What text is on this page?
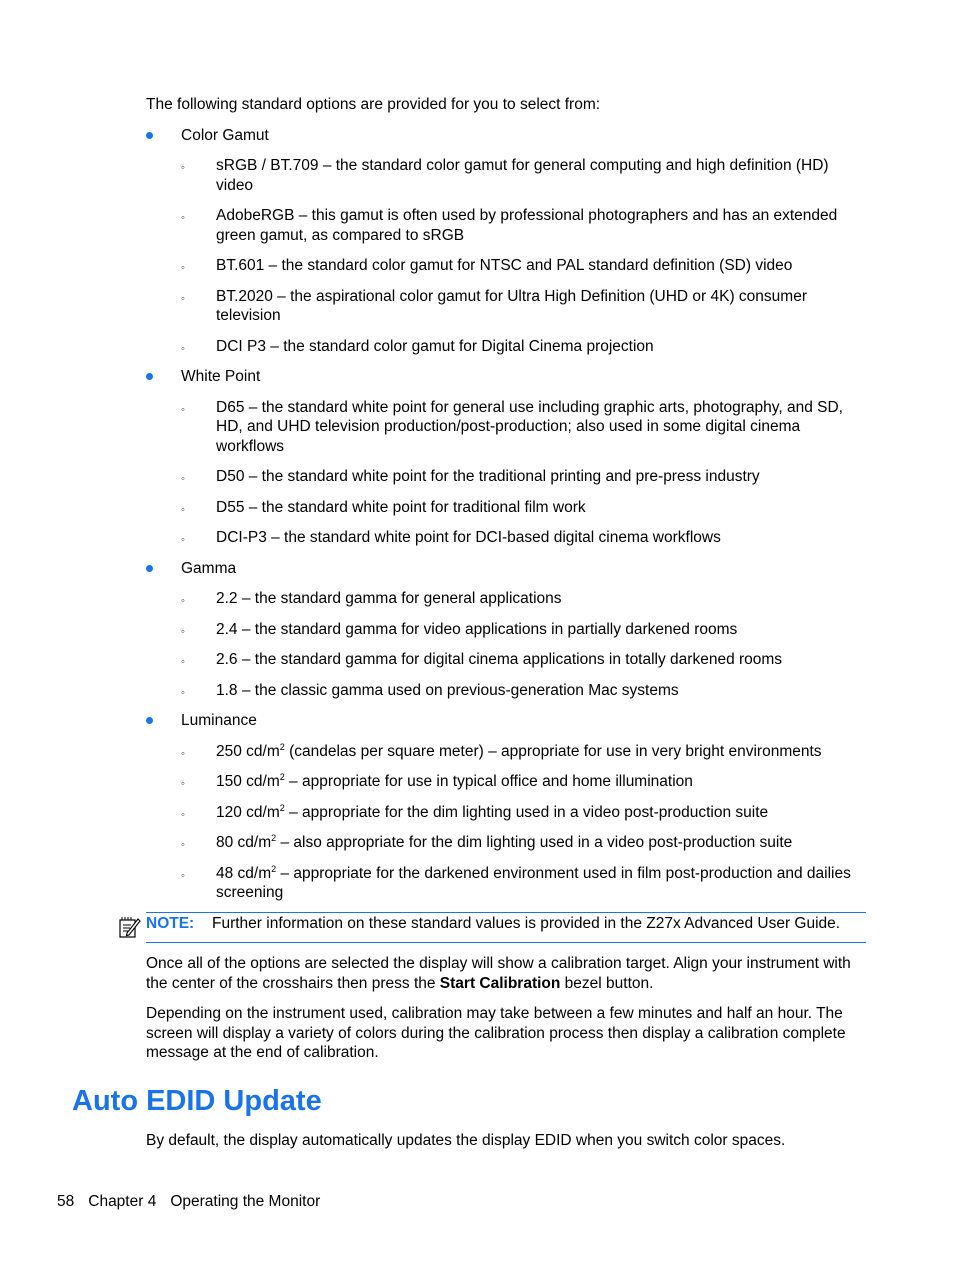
The following standard options are provided for you to select from:

Color Gamut
◦ sRGB / BT.709 – the standard color gamut for general computing and high definition (HD) video
◦ AdobeRGB – this gamut is often used by professional photographers and has an extended green gamut, as compared to sRGB
◦ BT.601 – the standard color gamut for NTSC and PAL standard definition (SD) video
◦ BT.2020 – the aspirational color gamut for Ultra High Definition (UHD or 4K) consumer television
◦ DCI P3 – the standard color gamut for Digital Cinema projection
White Point
◦ D65 – the standard white point for general use including graphic arts, photography, and SD, HD, and UHD television production/post-production; also used in some digital cinema workflows
◦ D50 – the standard white point for the traditional printing and pre-press industry
◦ D55 – the standard white point for traditional film work
◦ DCI-P3 – the standard white point for DCI-based digital cinema workflows
Gamma
◦ 2.2 – the standard gamma for general applications
◦ 2.4 – the standard gamma for video applications in partially darkened rooms
◦ 2.6 – the standard gamma for digital cinema applications in totally darkened rooms
◦ 1.8 – the classic gamma used on previous-generation Mac systems
Luminance
◦ 250 $cd/m^2$ (candelas per square meter) – appropriate for use in very bright environments
◦ 150 $cd/m^2$ – appropriate for use in typical office and home illumination
◦ 120 $cd/m^2$ – appropriate for the dim lighting used in a video post-production suite
◦ 80 $cd/m^2$ – also appropriate for the dim lighting used in a video post-production suite
◦ 48 $cd/m^2$ – appropriate for the darkened environment used in film post-production and dailies screening
NOTE: Further information on these standard values is provided in the Z27x Advanced User Guide.

Once all of the options are selected the display will show a calibration target. Align your instrument with the center of the crosshairs then press the Start Calibration bezel button.

Depending on the instrument used, calibration may take between a few minutes and half an hour. The screen will display a variety of colors during the calibration process then display a calibration complete message at the end of calibration.

Auto EDID Update

By default, the display automatically updates the display EDID when you switch color spaces.

58 Chapter 4 Operating the Monitor
